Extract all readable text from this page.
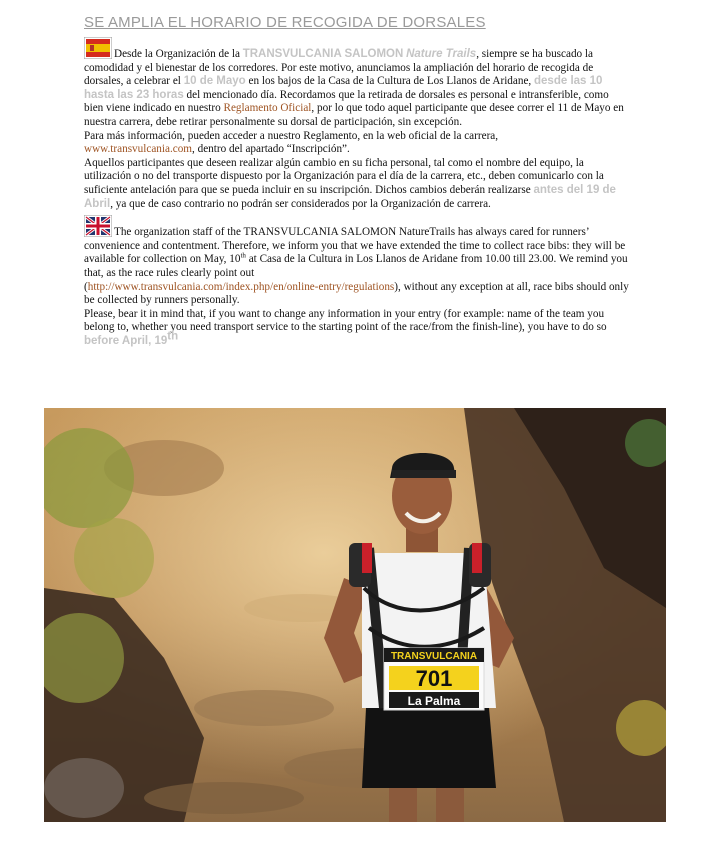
SE AMPLIA EL HORARIO DE RECOGIDA DE DORSALES

Desde la Organización de la TRANSVULCANIA SALOMON Nature Trails, siempre se ha buscado la comodidad y el bienestar de los corredores. Por este motivo, anunciamos la ampliación del horario de recogida de dorsales, a celebrar el 10 de Mayo en los bajos de la Casa de la Cultura de Los Llanos de Aridane, desde las 10 hasta las 23 horas del mencionado día. Recordamos que la retirada de dorsales es personal e intransferible, como bien viene indicado en nuestro Reglamento Oficial, por lo que todo aquel participante que desee correr el 11 de Mayo en nuestra carrera, debe retirar personalmente su dorsal de participación, sin excepción.
Para más información, pueden acceder a nuestro Reglamento, en la web oficial de la carrera,
www.transvulcania.com, dentro del apartado “Inscripción”.
Aquellos participantes que deseen realizar algún cambio en su ficha personal, tal como el nombre del equipo, la utilización o no del transporte dispuesto por la Organización para el día de la carrera, etc., deben comunicarlo con la suficiente antelación para que se pueda incluir en su inscripción. Dichos cambios deberán realizarse antes del 19 de Abril, ya que de caso contrario no podrán ser considerados por la Organización de carrera.

The organization staff of the TRANSVULCANIA SALOMON NatureTrails has always cared for runners’ convenience and contentment. Therefore, we inform you that we have extended the time to collect race bibs: they will be available for collection on May, 10th at Casa de la Cultura in Los Llanos de Aridane from 10.00 till 23.00. We remind you that, as the race rules clearly point out
(http://www.transvulcania.com/index.php/en/online-entry/regulations), without any exception at all, race bibs should only be collected by runners personally.
Please, bear it in mind that, if you want to change any information in your entry (for example: name of the team you belong to, whether you need transport service to the starting point of the race/from the finish-line), you have to do so before April, 19th

TRANSVULCANIA
701
La Palma
